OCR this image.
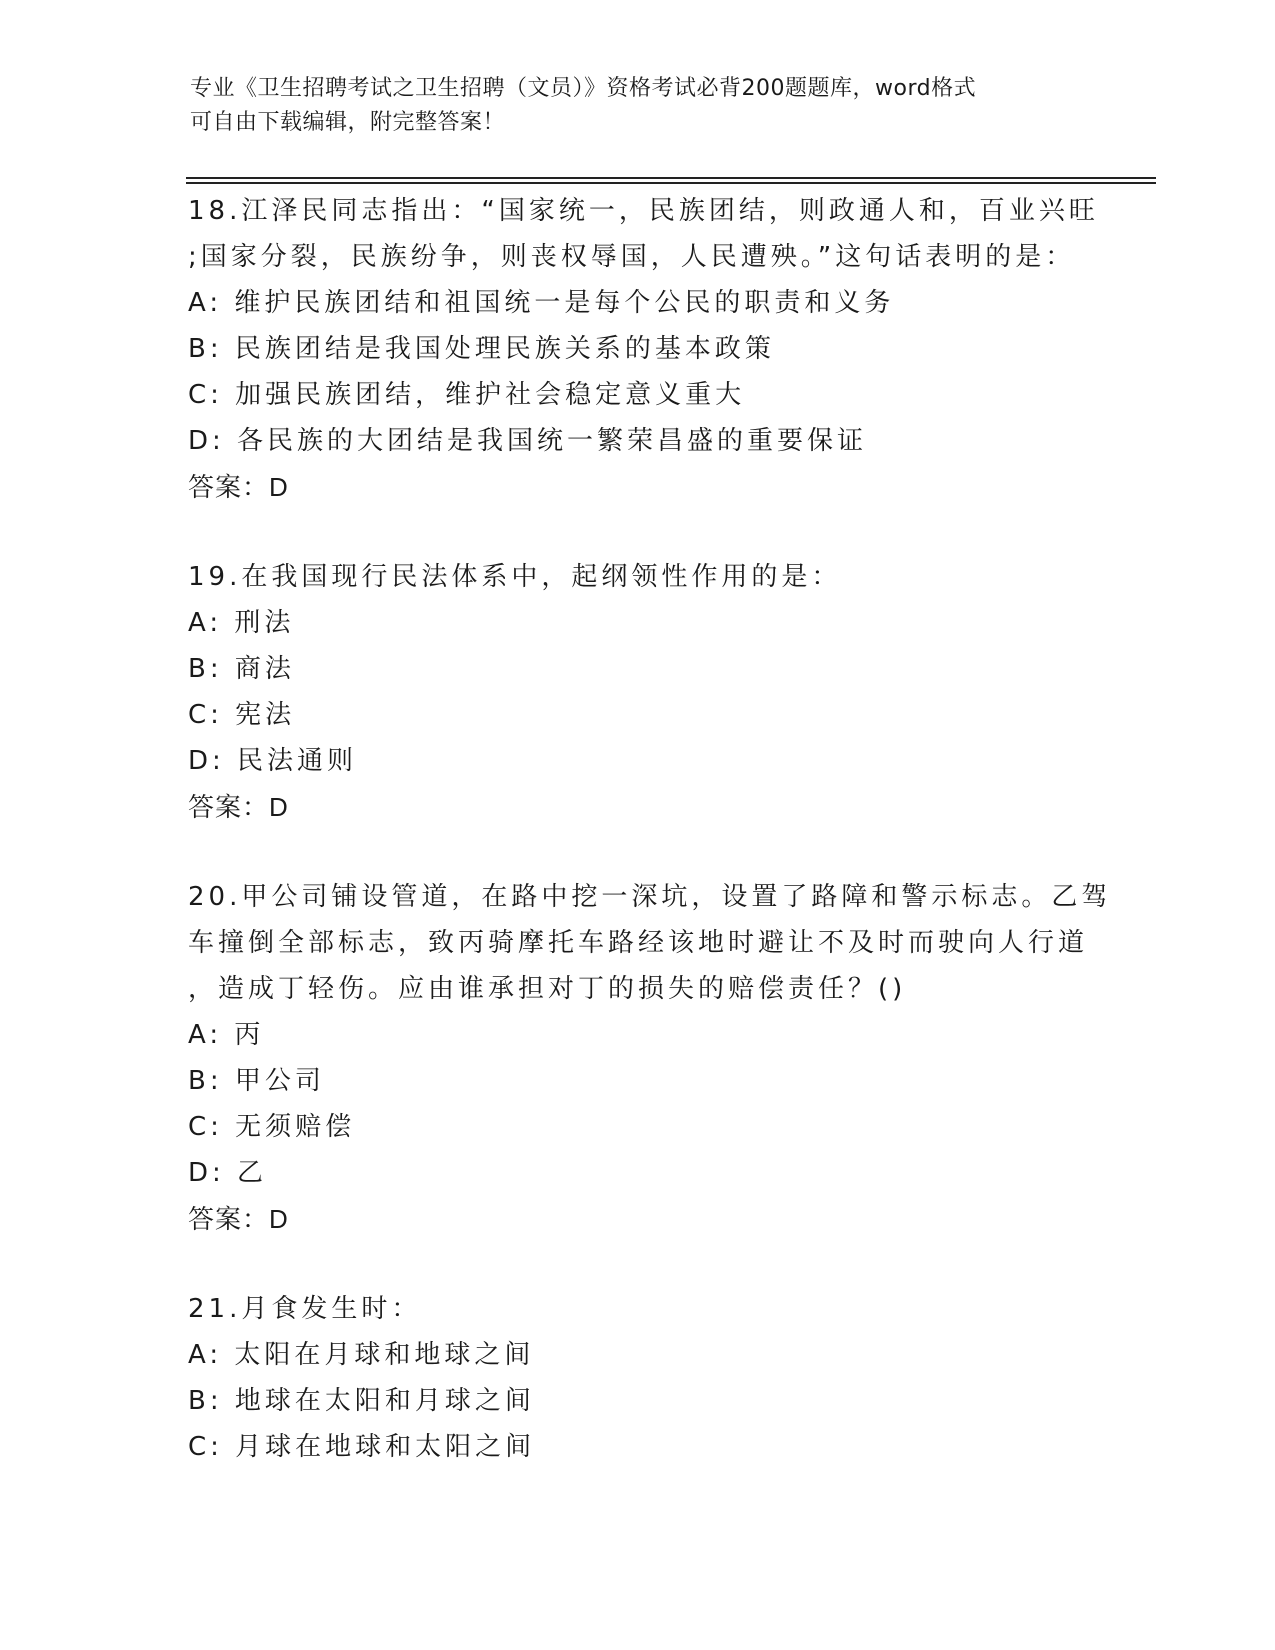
专业《卫生招聘考试之卫生招聘（文员）》资格考试必背200题题库，word格式
可自由下载编辑，附完整答案！
18.江泽民同志指出：“国家统一，民族团结，则政通人和，百业兴旺
;国家分裂，民族纷争，则丧权辱国，人民遭殃。”这句话表明的是：
A: 维护民族团结和祖国统一是每个公民的职责和义务
B: 民族团结是我国处理民族关系的基本政策
C: 加强民族团结，维护社会稳定意义重大
D: 各民族的大团结是我国统一繁荣昌盛的重要保证
答案：D
19.在我国现行民法体系中，起纲领性作用的是：
A: 刑法
B: 商法
C: 宪法
D: 民法通则
答案：D
20.甲公司铺设管道，在路中挖一深坑，设置了路障和警示标志。乙驾
车撞倒全部标志，致丙骑摩托车路经该地时避让不及时而驶向人行道
，造成丁轻伤。应由谁承担对丁的损失的赔偿责任？()
A: 丙
B: 甲公司
C: 无须赔偿
D: 乙
答案：D
21.月食发生时：
A: 太阳在月球和地球之间
B: 地球在太阳和月球之间
C: 月球在地球和太阳之间
